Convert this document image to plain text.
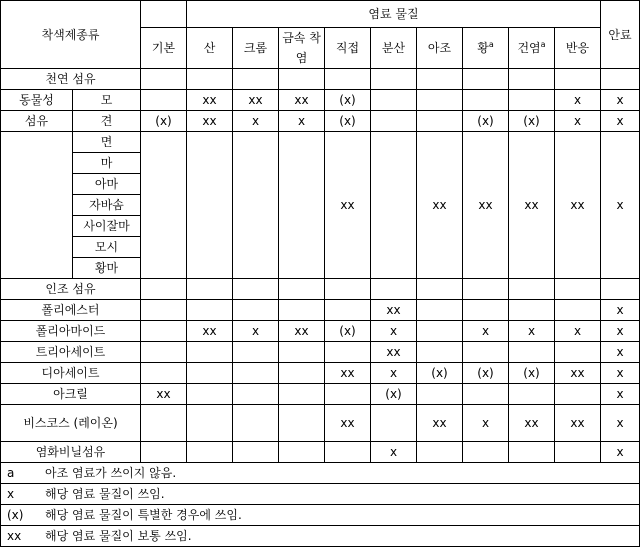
착색제종류			염료 물질									안료
		기본	산	크롬	금속 착염	직접	분산	아조	황$^a$	건염$^a$	반응	
천연 섬유												
동물성	모		xx	xx	xx	(x)					x	x
섬유	견	(x)	xx	x	x	(x)			(x)	(x)	x	x
	면					xx		xx	xx	xx	xx	x
	마											
	아마											
	자바솜											
	사이잘마											
	모시											
	황마											
인조 섬유												
폴리에스터							xx					x
폴리아마이드			xx	x	xx	(x)	x		x	x	x	x
트리아세이트							xx					x
디아세이트						xx	x	(x)	(x)	(x)	xx	x
아크릴		xx					(x)					x
비스코스 (레이온)						xx		xx	x	xx	xx	x
염화비닐섬유							x					x
a 아조 염료가 쓰이지 않음.												
x 해당 염료 물질이 쓰임.												
(x) 해당 염료 물질이 특별한 경우에 쓰임.												
xx 해당 염료 물질이 보통 쓰임.												
